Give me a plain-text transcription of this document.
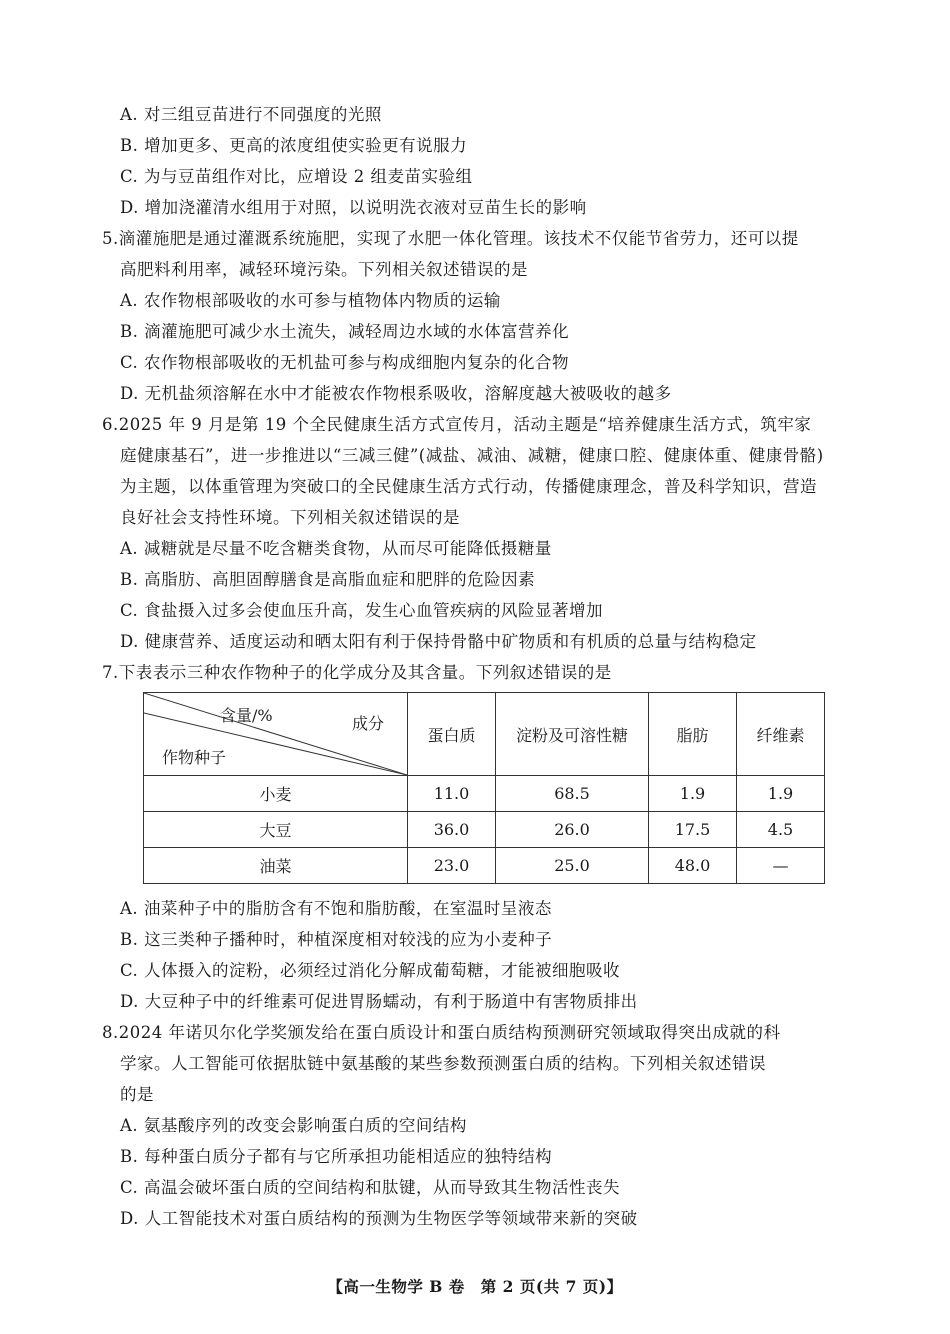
A. 对三组豆苗进行不同强度的光照
B. 增加更多、更高的浓度组使实验更有说服力
C. 为与豆苗组作对比，应增设 2 组麦苗实验组
D. 增加浇灌清水组用于对照，以说明洗衣液对豆苗生长的影响
5.滴灌施肥是通过灌溉系统施肥，实现了水肥一体化管理。该技术不仅能节省劳力，还可以提
高肥料利用率，减轻环境污染。下列相关叙述错误的是
A. 农作物根部吸收的水可参与植物体内物质的运输
B. 滴灌施肥可减少水土流失，减轻周边水域的水体富营养化
C. 农作物根部吸收的无机盐可参与构成细胞内复杂的化合物
D. 无机盐须溶解在水中才能被农作物根系吸收，溶解度越大被吸收的越多
6.2025 年 9 月是第 19 个全民健康生活方式宣传月，活动主题是“培养健康生活方式，筑牢家
庭健康基石”，进一步推进以“三减三健”(减盐、减油、减糖，健康口腔、健康体重、健康骨骼)
为主题，以体重管理为突破口的全民健康生活方式行动，传播健康理念，普及科学知识，营造
良好社会支持性环境。下列相关叙述错误的是
A. 减糖就是尽量不吃含糖类食物，从而尽可能降低摄糖量
B. 高脂肪、高胆固醇膳食是高脂血症和肥胖的危险因素
C. 食盐摄入过多会使血压升高，发生心血管疾病的风险显著增加
D. 健康营养、适度运动和晒太阳有利于保持骨骼中矿物质和有机质的总量与结构稳定
7.下表表示三种农作物种子的化学成分及其含量。下列叙述错误的是
含量/% 成分
作物种子	蛋白质	淀粉及可溶性糖	脂肪	纤维素
小麦	11.0	68.5	1.9	1.9
大豆	36.0	26.0	17.5	4.5
油菜	23.0	25.0	48.0	—
A. 油菜种子中的脂肪含有不饱和脂肪酸，在室温时呈液态
B. 这三类种子播种时，种植深度相对较浅的应为小麦种子
C. 人体摄入的淀粉，必须经过消化分解成葡萄糖，才能被细胞吸收
D. 大豆种子中的纤维素可促进胃肠蠕动，有利于肠道中有害物质排出
8.2024 年诺贝尔化学奖颁发给在蛋白质设计和蛋白质结构预测研究领域取得突出成就的科
学家。人工智能可依据肽链中氨基酸的某些参数预测蛋白质的结构。下列相关叙述错误
的是
A. 氨基酸序列的改变会影响蛋白质的空间结构
B. 每种蛋白质分子都有与它所承担功能相适应的独特结构
C. 高温会破坏蛋白质的空间结构和肽键，从而导致其生物活性丧失
D. 人工智能技术对蛋白质结构的预测为生物医学等领域带来新的突破
【高一生物学 B 卷　第 2 页(共 7 页)】
